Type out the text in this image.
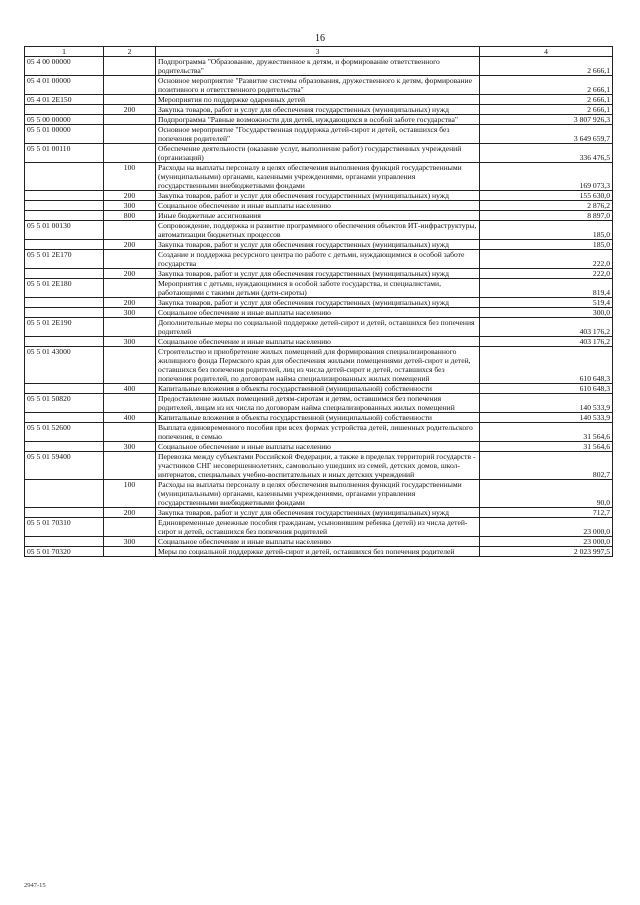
16
1	2	3	4
05 4 00 00000		Подпрограмма "Образование, дружественное к детям, и формирование ответственного родительства"	2 666,1
05 4 01 00000		Основное мероприятие "Развитие системы образования, дружественного к детям, формирование позитивного и ответственного родительства"	2 666,1
05 4 01 2E150		Мероприятия по поддержке одаренных детей	2 666,1
	200	Закупка товаров, работ и услуг для обеспечения государственных (муниципальных) нужд	2 666,1
05 5 00 00000		Подпрограмма "Равные возможности для детей, нуждающихся в особой заботе государства"	3 807 926,3
05 5 01 00000		Основное мероприятие "Государственная поддержка детей-сирот и детей, оставшихся без попечения родителей"	3 649 659,7
05 5 01 00110		Обеспечение деятельности (оказание услуг, выполнение работ) государственных учреждений (организаций)	336 476,5
	100	Расходы на выплаты персоналу в целях обеспечения выполнения функций государственными (муниципальными) органами, казенными учреждениями, органами управления государственными внебюджетными фондами	169 073,3
	200	Закупка товаров, работ и услуг для обеспечения государственных (муниципальных) нужд	155 630,0
	300	Социальное обеспечение и иные выплаты населению	2 876,2
	800	Иные бюджетные ассигнования	8 897,0
05 5 01 00130		Сопровождение, поддержка и развитие программного обеспечения объектов ИТ-инфраструктуры, автоматизации бюджетных процессов	185,0
	200	Закупка товаров, работ и услуг для обеспечения государственных (муниципальных) нужд	185,0
05 5 01 2E170		Создание и поддержка ресурсного центра по работе с детьми, нуждающимися в особой заботе государства	222,0
	200	Закупка товаров, работ и услуг для обеспечения государственных (муниципальных) нужд	222,0
05 5 01 2E180		Мероприятия с детьми, нуждающимися в особой заботе государства, и специалистами, работающими с такими детьми (дети-сироты)	819,4
	200	Закупка товаров, работ и услуг для обеспечения государственных (муниципальных) нужд	519,4
	300	Социальное обеспечение и иные выплаты населению	300,0
05 5 01 2E190		Дополнительные меры по социальной поддержке детей-сирот и детей, оставшихся без попечения родителей	403 176,2
	300	Социальное обеспечение и иные выплаты населению	403 176,2
05 5 01 43000		Строительство и приобретение жилых помещений для формирования специализированного жилищного фонда Пермского края для обеспечения жилыми помещениями детей-сирот и детей, оставшихся без попечения родителей, лиц из числа детей-сирот и детей, оставшихся без попечения родителей, по договорам найма специализированных жилых помещений	610 648,3
	400	Капитальные вложения в объекты государственной (муниципальной) собственности	610 648,3
05 5 01 50820		Предоставление жилых помещений детям-сиротам и детям, оставшимся без попечения родителей, лицам из их числа по договорам найма специализированных жилых помещений	140 533,9
	400	Капитальные вложения в объекты государственной (муниципальной) собственности	140 533,9
05 5 01 52600		Выплата единовременного пособия при всех формах устройства детей, лишенных родительского попечения, в семью	31 564,6
	300	Социальное обеспечение и иные выплаты населению	31 564,6
05 5 01 59400		Перевозка между субъектами Российской Федерации, а также в пределах территорий государств - участников СНГ несовершеннолетних, самовольно ушедших из семей, детских домов, школ-интернатов, специальных учебно-воспитательных и иных детских учреждений	802,7
	100	Расходы на выплаты персоналу в целях обеспечения выполнения функций государственными (муниципальными) органами, казенными учреждениями, органами управления государственными внебюджетными фондами	90,0
	200	Закупка товаров, работ и услуг для обеспечения государственных (муниципальных) нужд	712,7
05 5 01 70310		Единовременные денежные пособия гражданам, усыновившим ребенка (детей) из числа детей-сирот и детей, оставшихся без попечения родителей	23 000,0
	300	Социальное обеспечение и иные выплаты населению	23 000,0
05 5 01 70320		Меры по социальной поддержке детей-сирот и детей, оставшихся без попечения родителей	2 023 997,5
2947-15
